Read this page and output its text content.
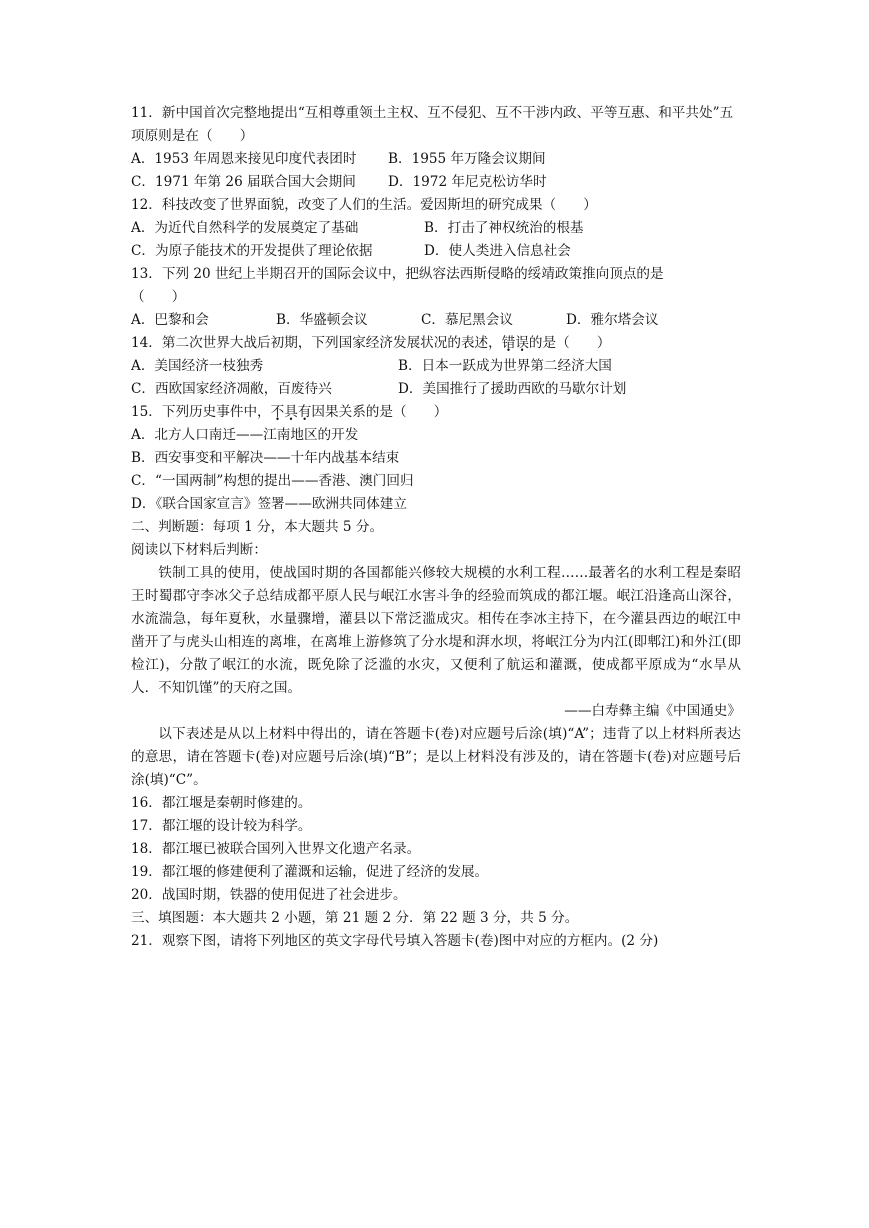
11．新中国首次完整地提出“互相尊重领土主权、互不侵犯、互不干涉内政、平等互惠、和平共处”五项原则是在（　　）
A．1953 年周恩来接见印度代表团时	B．1955 年万隆会议期间
C．1971 年第 26 届联合国大会期间	D．1972 年尼克松访华时
12．科技改变了世界面貌，改变了人们的生活。爱因斯坦的研究成果（　　）
A．为近代自然科学的发展奠定了基础	B．打击了神权统治的根基
C．为原子能技术的开发提供了理论依据	D．使人类进入信息社会
13．下列 20 世纪上半期召开的国际会议中，把纵容法西斯侵略的绥靖政策推向顶点的是
（　　）
A．巴黎和会	B．华盛顿会议	C．慕尼黑会议	D．雅尔塔会议
14．第二次世界大战后初期，下列国家经济发展状况的表述，错误的是（　　）
A．美国经济一枝独秀	B．日本一跃成为世界第二经济大国
C．西欧国家经济凋敝，百废待兴	D．美国推行了援助西欧的马歇尔计划
15．下列历史事件中，不具有因果关系的是（　　）
A．北方人口南迁——江南地区的开发
B．西安事变和平解决——十年内战基本结束
C．“一国两制”构想的提出——香港、澳门回归
D．《联合国家宣言》签署——欧洲共同体建立
二、判断题：每项 1 分，本大题共 5 分。
阅读以下材料后判断：
铁制工具的使用，使战国时期的各国都能兴修较大规模的水利工程……最著名的水利工程是秦昭王时蜀郡守李冰父子总结成都平原人民与岷江水害斗争的经验而筑成的都江堰。岷江沿逢高山深谷，水流湍急，每年夏秋，水量骤增，灌县以下常泛滥成灾。相传在李冰主持下，在今灌县西边的岷江中凿开了与虎头山相连的离堆，在离堆上游修筑了分水堤和湃水坝，将岷江分为内江(即郫江)和外江(即检江)，分散了岷江的水流，既免除了泛滥的水灾，又便利了航运和灌溉，使成都平原成为“水旱从人．不知饥馑”的天府之国。
——白寿彝主编《中国通史》
以下表述是从以上材料中得出的，请在答题卡(卷)对应题号后涂(填)“A”；违背了以上材料所表达的意思，请在答题卡(卷)对应题号后涂(填)“B”；是以上材料没有涉及的，请在答题卡(卷)对应题号后涂(填)“C”。
16．都江堰是秦朝时修建的。
17．都江堰的设计较为科学。
18．都江堰已被联合国列入世界文化遗产名录。
19．都江堰的修建便利了灌溉和运输，促进了经济的发展。
20．战国时期，铁器的使用促进了社会进步。
三、填图题：本大题共 2 小题，第 21 题 2 分．第 22 题 3 分，共 5 分。
21．观察下图，请将下列地区的英文字母代号填入答题卡(卷)图中对应的方框内。(2 分)
